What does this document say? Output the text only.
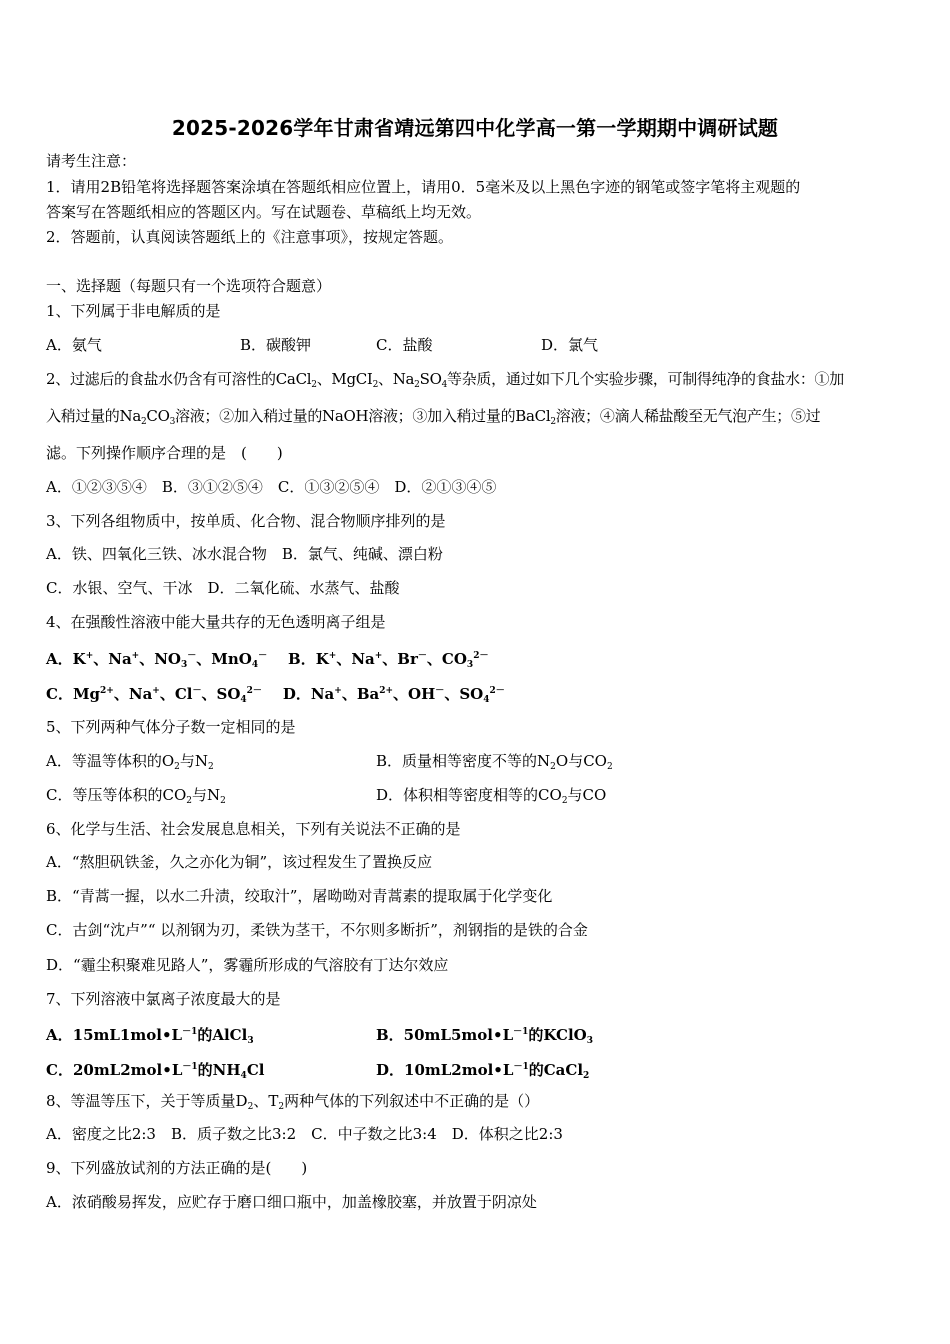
2025-2026学年甘肃省靖远第四中化学高一第一学期期中调研试题
请考生注意：
1．请用2B铅笔将选择题答案涂填在答题纸相应位置上，请用0．5毫米及以上黑色字迹的钢笔或签字笔将主观题的
答案写在答题纸相应的答题区内。写在试题卷、草稿纸上均无效。
2．答题前，认真阅读答题纸上的《注意事项》，按规定答题。
一、选择题（每题只有一个选项符合题意）
1、下列属于非电解质的是
A．氨气	B．碳酸钾	C．盐酸	D．氯气
2、过滤后的食盐水仍含有可溶性的CaCl$_2$、MgCI$_2$、$Na_2SO_4$等杂质，通过如下几个实验步骤，可制得纯净的食盐水：①加
入稍过量的$Na_2CO_3$溶液；②加入稍过量的NaOH溶液；③加入稍过量的BaCl$_2$溶液；④滴人稀盐酸至无气泡产生；⑤过
滤。下列操作顺序合理的是　(　　)
A．①②③⑤④　B．③①②⑤④　C．①③②⑤④　D．②①③④⑤
3、下列各组物质中，按单质、化合物、混合物顺序排列的是
A．铁、四氧化三铁、冰水混合物　B．氯气、纯碱、漂白粉
C．水银、空气、干冰　D．二氧化硫、水蒸气、盐酸
4、在强酸性溶液中能大量共存的无色透明离子组是
A．K+、Na+、$NO_3^-$、MnO$_4$－ B．K+、Na+、Br－、$CO_3^{2-}$
C．$Mg^{2+}$、Na+、Cl－、$SO_4^{2-}$ D．Na+、$Ba^{2+}$、OH－、$SO_4^{2-}$
5、下列两种气体分子数一定相同的是
A．等温等体积的$O_2$与$N_2$	B．质量相等密度不等的$N_2O$与$CO_2$
C．等压等体积的$CO_2$与$N_2$	D．体积相等密度相等的$CO_2$与CO
6、化学与生活、社会发展息息相关，下列有关说法不正确的是
A．“熬胆矾铁釜，久之亦化为铜”，该过程发生了置换反应
B．“青蒿一握，以水二升渍，绞取汁”，屠呦呦对青蒿素的提取属于化学变化
C．古剑“沈卢”“ 以剂钢为刃，柔铁为茎干，不尔则多断折”，剂钢指的是铁的合金
D．“霾尘积聚难见路人”，雾霾所形成的气溶胶有丁达尔效应
7、下列溶液中氯离子浓度最大的是
A．$15mL1mol•L^{-1}$的AlCl$_3$	B．$50mL5mol•L^{-1}$的KClO$_3$
C．$20mL2mol•L^{-1}$的$NH_4Cl$	D．$10mL2mol•L^{-1}$的CaCl$_2$
8、等温等压下，关于等质量$D_2$、$T_2$两种气体的下列叙述中不正确的是（）
A．密度之比2:3　B．质子数之比3:2　C．中子数之比3:4　D．体积之比2:3
9、下列盛放试剂的方法正确的是(　　)
A．浓硝酸易挥发，应贮存于磨口细口瓶中，加盖橡胶塞，并放置于阴凉处
